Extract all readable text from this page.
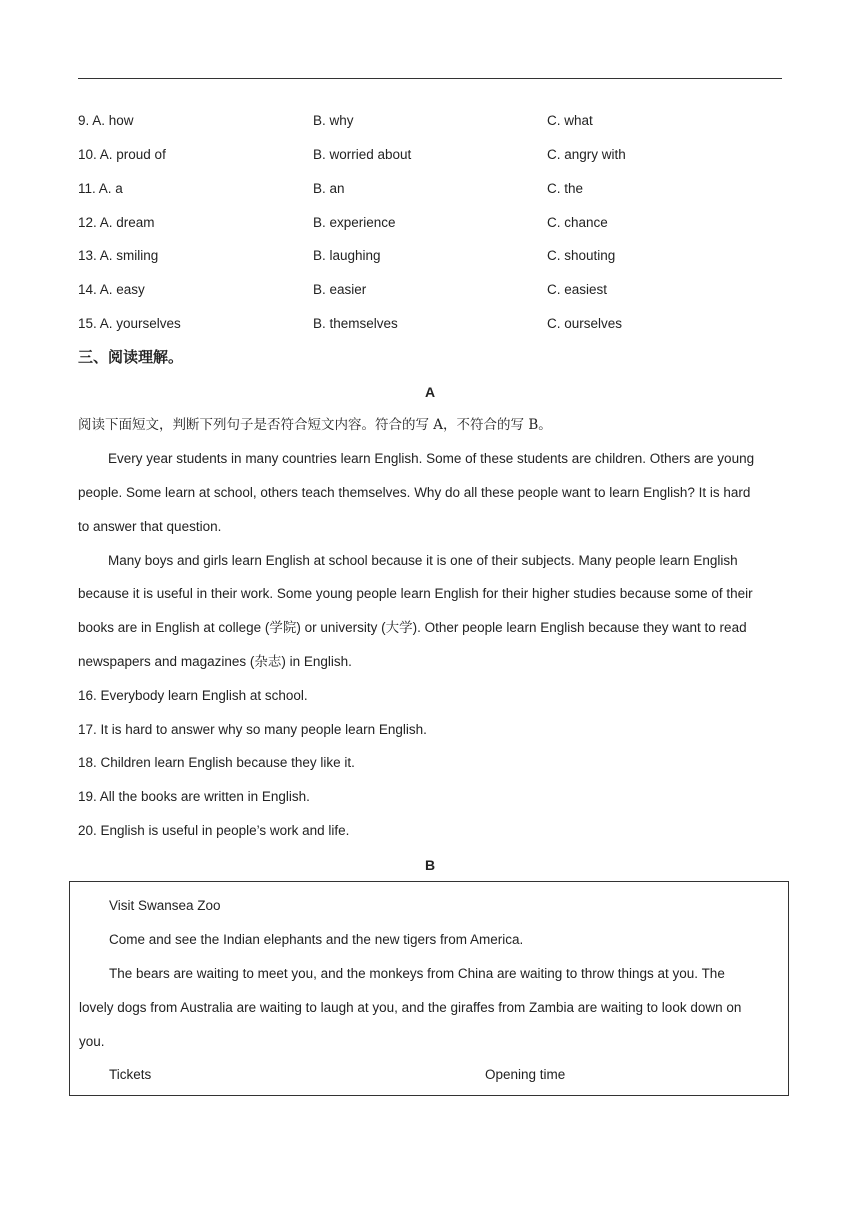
9. A. how	B. why	C. what
10. A. proud of	B. worried about	C. angry with
11. A. a	B. an	C. the
12. A. dream	B. experience	C. chance
13. A. smiling	B. laughing	C. shouting
14. A. easy	B. easier	C. easiest
15. A. yourselves	B. themselves	C. ourselves
三、阅读理解。
A
阅读下面短文，判断下列句子是否符合短文内容。符合的写 A，不符合的写 B。
Every year students in many countries learn English. Some of these students are children. Others are young
people. Some learn at school, others teach themselves. Why do all these people want to learn English? It is hard
to answer that question.
Many boys and girls learn English at school because it is one of their subjects. Many people learn English
because it is useful in their work. Some young people learn English for their higher studies because some of their
books are in English at college (学院) or university (大学). Other people learn English because they want to read
newspapers and magazines (杂志) in English.
16. Everybody learn English at school.
17. It is hard to answer why so many people learn English.
18. Children learn English because they like it.
19. All the books are written in English.
20. English is useful in people’s work and life.
B
Visit Swansea Zoo
Come and see the Indian elephants and the new tigers from America.
The bears are waiting to meet you, and the monkeys from China are waiting to throw things at you. The
lovely dogs from Australia are waiting to laugh at you, and the giraffes from Zambia are waiting to look down on
you.
Tickets	Opening time
